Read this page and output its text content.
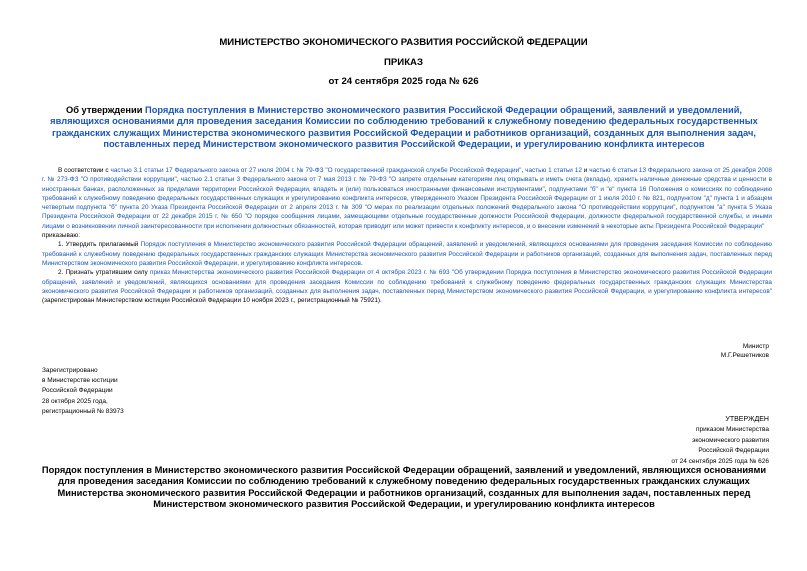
МИНИСТЕРСТВО ЭКОНОМИЧЕСКОГО РАЗВИТИЯ РОССИЙСКОЙ ФЕДЕРАЦИИ
ПРИКАЗ
от 24 сентября 2025 года № 626
Об утверждении Порядка поступления в Министерство экономического развития Российской Федерации обращений, заявлений и уведомлений, являющихся основаниями для проведения заседания Комиссии по соблюдению требований к служебному поведению федеральных государственных гражданских служащих Министерства экономического развития Российской Федерации и работников организаций, созданных для выполнения задач, поставленных перед Министерством экономического развития Российской Федерации, и урегулированию конфликта интересов

В соответствии с частью 3.1 статьи 17 Федерального закона от 27 июля 2004 г. № 79-ФЗ "О государственной гражданской службе Российской Федерации", частью 1 статьи 12 и частью 6 статьи 13 Федерального закона от 25 декабря 2008 г. № 273-ФЗ "О противодействии коррупции", частью 2.1 статьи 3 Федерального закона от 7 мая 2013 г. № 79-ФЗ "О запрете отдельным категориям лиц открывать и иметь счета (вклады), хранить наличные денежные средства и ценности в иностранных банках, расположенных за пределами территории Российской Федерации, владеть и (или) пользоваться иностранными финансовыми инструментами", подпунктами "б" и "е" пункта 16 Положения о комиссиях по соблюдению требований к служебному поведению федеральных государственных служащих и урегулированию конфликта интересов, утвержденного Указом Президента Российской Федерации от 1 июля 2010 г. № 821, подпунктом "д" пункта 1 и абзацем четвертым подпункта "б" пункта 20 Указа Президента Российской Федерации от 2 апреля 2013 г. № 309 "О мерах по реализации отдельных положений Федерального закона "О противодействии коррупции", подпунктом "а" пункта 5 Указа Президента Российской Федерации от 22 декабря 2015 г. № 650 "О порядке сообщения лицами, замещающими отдельные государственные должности Российской Федерации, должности федеральной государственной службы, и иными лицами о возникновении личной заинтересованности при исполнении должностных обязанностей, которая приводит или может привести к конфликту интересов, и о внесении изменений в некоторые акты Президента Российской Федерации"

приказываю:

1. Утвердить прилагаемый Порядок поступления в Министерство экономического развития Российской Федерации обращений, заявлений и уведомлений, являющихся основаниями для проведения заседания Комиссии по соблюдению требований к служебному поведению федеральных государственных гражданских служащих Министерства экономического развития Российской Федерации и работников организаций, созданных для выполнения задач, поставленных перед Министерством экономического развития Российской Федерации, и урегулированию конфликта интересов.

2. Признать утратившим силу приказ Министерства экономического развития Российской Федерации от 4 октября 2023 г. № 693 "Об утверждении Порядка поступления в Министерство экономического развития Российской Федерации обращений, заявлений и уведомлений, являющихся основаниями для проведения заседания Комиссии по соблюдению требований к служебному поведению федеральных государственных гражданских служащих Министерства экономического развития Российской Федерации и работников организаций, созданных для выполнения задач, поставленных перед Министерством экономического развития Российской Федерации, и урегулированию конфликта интересов" (зарегистрирован Министерством юстиции Российской Федерации 10 ноября 2023 г., регистрационный № 75921).

Министр
М.Г.Решетников
Зарегистрировано
в Министерстве юстиции
Российской Федерации
28 октября 2025 года,
регистрационный № 83973
УТВЕРЖДЕН
приказом Министерства
экономического развития
Российской Федерации
от 24 сентября 2025 года № 626
Порядок поступления в Министерство экономического развития Российской Федерации обращений, заявлений и уведомлений, являющихся основаниями для проведения заседания Комиссии по соблюдению требований к служебному поведению федеральных государственных гражданских служащих Министерства экономического развития Российской Федерации и работников организаций, созданных для выполнения задач, поставленных перед Министерством экономического развития Российской Федерации, и урегулированию конфликта интересов
